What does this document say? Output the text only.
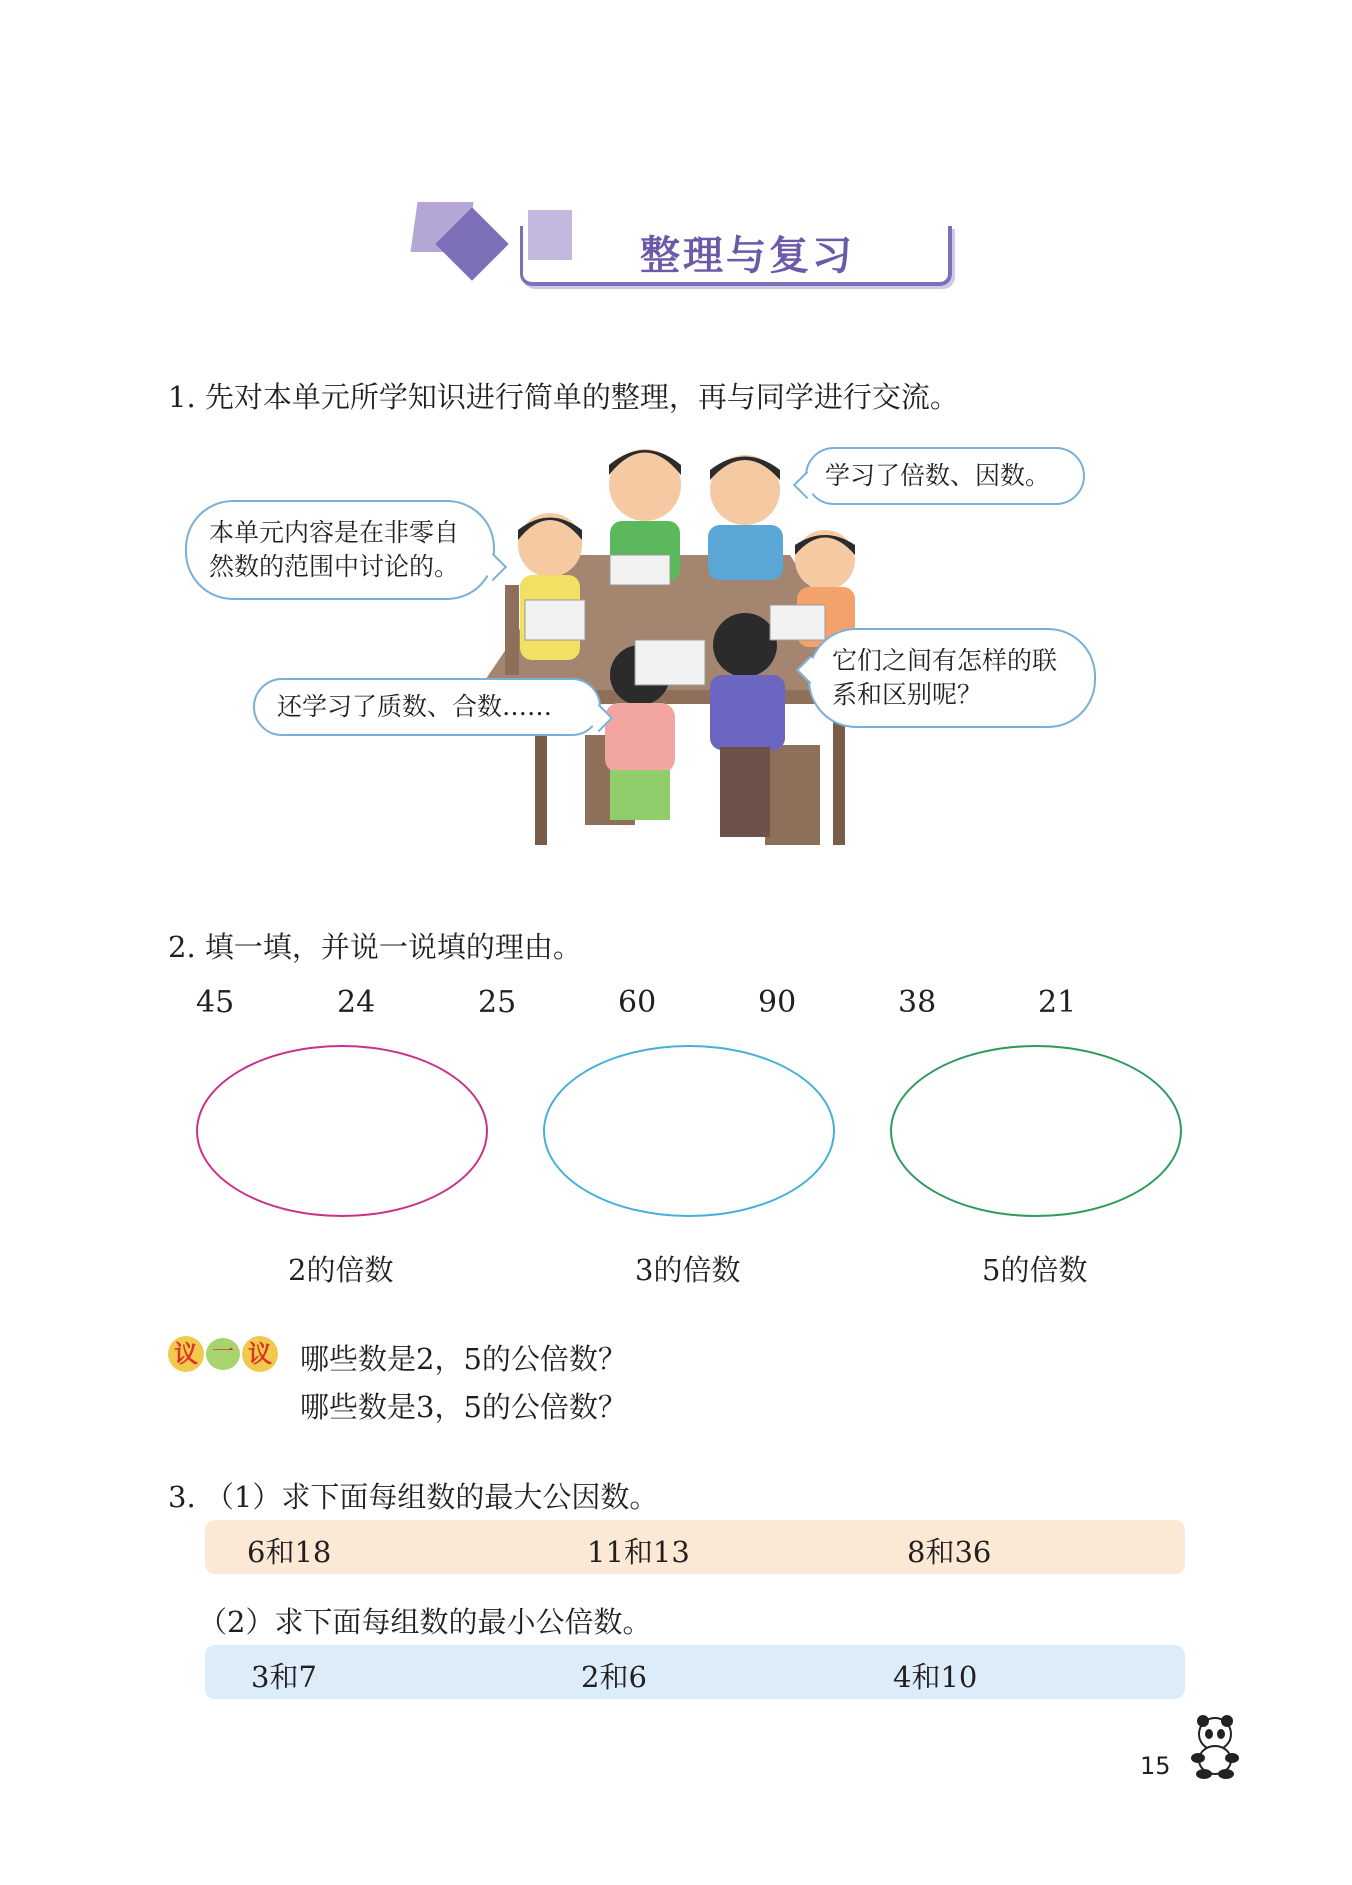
整理与复习
1. 先对本单元所学知识进行简单的整理，再与同学进行交流。
本单元内容是在非零自然数的范围中讨论的。
学习了倍数、因数。
还学习了质数、合数……
它们之间有怎样的联系和区别呢？
2. 填一填，并说一说填的理由。
45	24	25	60	90	38	21
2的倍数	3的倍数	5的倍数
议 一 议 哪些数是2，5的公倍数？
哪些数是3，5的公倍数？
3. （1）求下面每组数的最大公因数。
6和18	11和13	8和36
（2）求下面每组数的最小公倍数。
3和7	2和6	4和10
15
